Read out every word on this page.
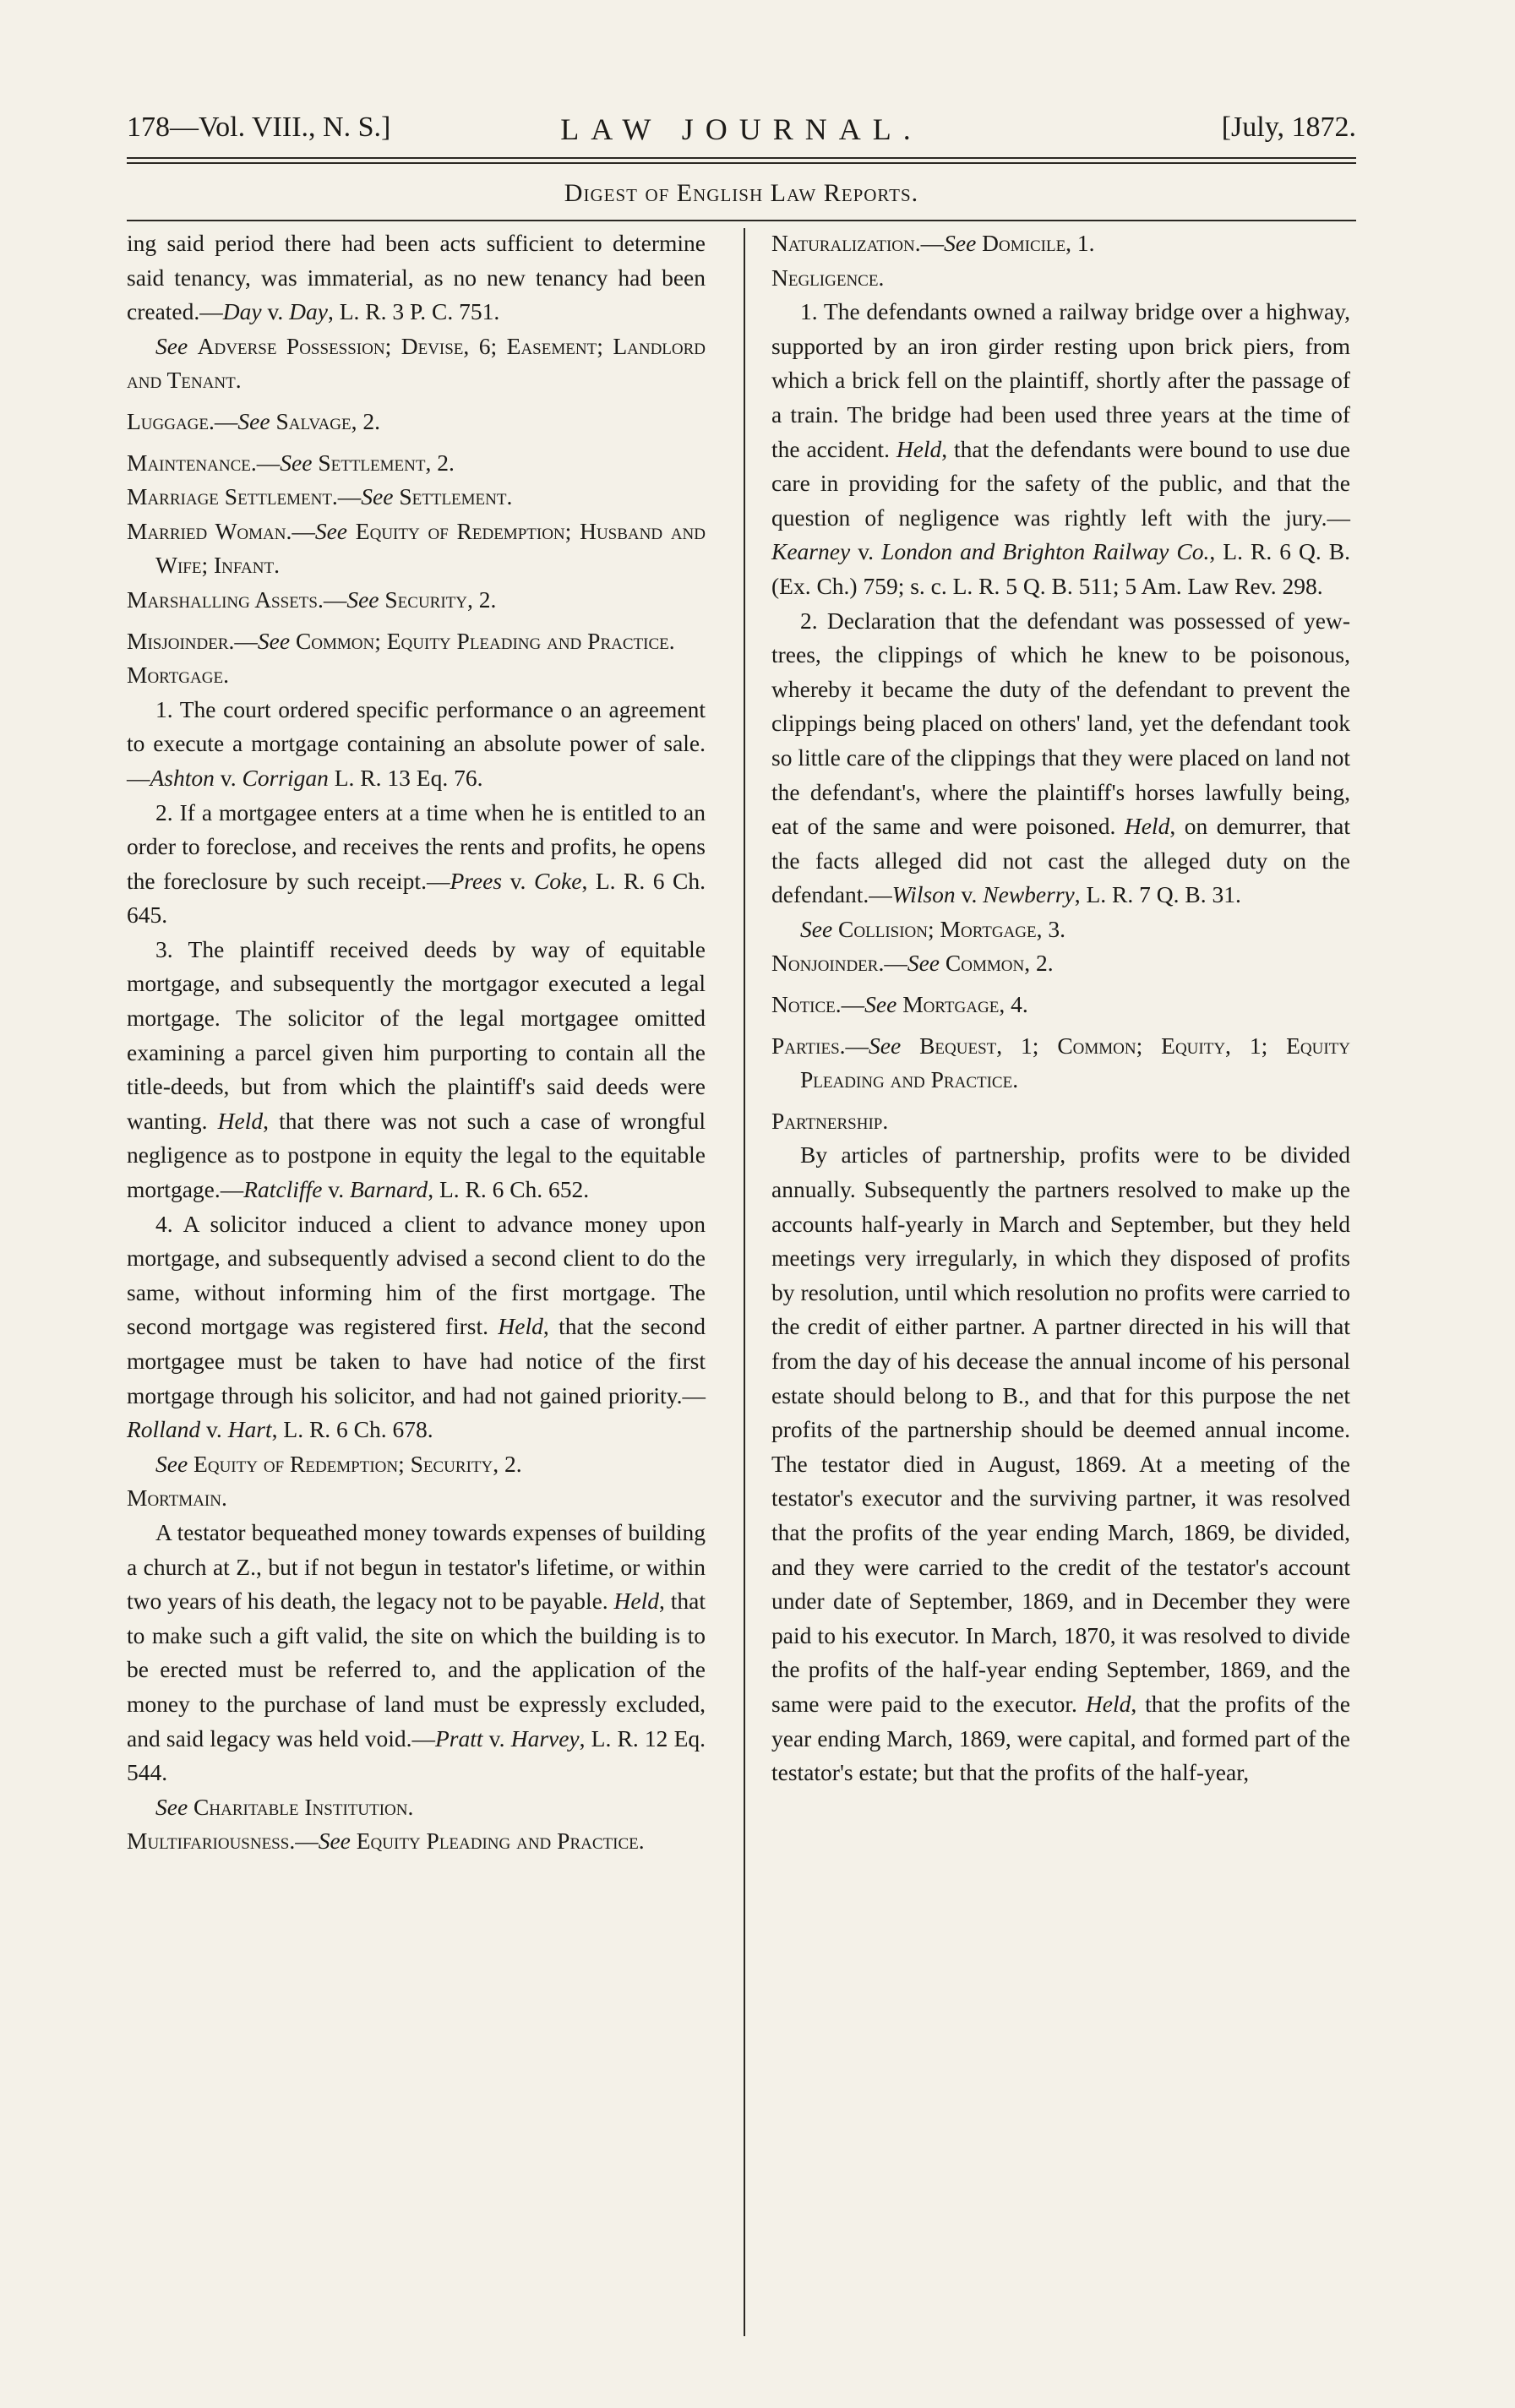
178—Vol. VIII., N. S.]	LAW JOURNAL.	[July, 1872.
Digest of English Law Reports.

ing said period there had been acts sufficient to determine said tenancy, was immaterial, as no new tenancy had been created.—Day v. Day, L. R. 3 P. C. 751.

See Adverse Possession; Devise, 6; Easement; Landlord and Tenant.

Luggage.—See Salvage, 2.

Maintenance.—See Settlement, 2.

Marriage Settlement.—See Settlement.

Married Woman.—See Equity of Redemption; Husband and Wife; Infant.

Marshalling Assets.—See Security, 2.

Misjoinder.—See Common; Equity Pleading and Practice.

Mortgage.

1. The court ordered specific performance o an agreement to execute a mortgage containing an absolute power of sale.—Ashton v. Corrigan L. R. 13 Eq. 76.

2. If a mortgagee enters at a time when he is entitled to an order to foreclose, and receives the rents and profits, he opens the foreclosure by such receipt.—Prees v. Coke, L. R. 6 Ch. 645.

3. The plaintiff received deeds by way of equitable mortgage, and subsequently the mortgagor executed a legal mortgage. The solicitor of the legal mortgagee omitted examining a parcel given him purporting to contain all the title-deeds, but from which the plaintiff's said deeds were wanting. Held, that there was not such a case of wrongful negligence as to postpone in equity the legal to the equitable mortgage.—Ratcliffe v. Barnard, L. R. 6 Ch. 652.

4. A solicitor induced a client to advance money upon mortgage, and subsequently advised a second client to do the same, without informing him of the first mortgage. The second mortgage was registered first. Held, that the second mortgagee must be taken to have had notice of the first mortgage through his solicitor, and had not gained priority.—Rolland v. Hart, L. R. 6 Ch. 678.

See Equity of Redemption; Security, 2.

Mortmain.

A testator bequeathed money towards expenses of building a church at Z., but if not begun in testator's lifetime, or within two years of his death, the legacy not to be payable. Held, that to make such a gift valid, the site on which the building is to be erected must be referred to, and the application of the money to the purchase of land must be expressly excluded, and said legacy was held void.—Pratt v. Harvey, L. R. 12 Eq. 544.

See Charitable Institution.

Multifariousness.—See Equity Pleading and Practice.

Naturalization.—See Domicile, 1.

Negligence.

1. The defendants owned a railway bridge over a highway, supported by an iron girder resting upon brick piers, from which a brick fell on the plaintiff, shortly after the passage of a train. The bridge had been used three years at the time of the accident. Held, that the defendants were bound to use due care in providing for the safety of the public, and that the question of negligence was rightly left with the jury.—Kearney v. London and Brighton Railway Co., L. R. 6 Q. B. (Ex. Ch.) 759; s. c. L. R. 5 Q. B. 511; 5 Am. Law Rev. 298.

2. Declaration that the defendant was possessed of yew-trees, the clippings of which he knew to be poisonous, whereby it became the duty of the defendant to prevent the clippings being placed on others' land, yet the defendant took so little care of the clippings that they were placed on land not the defendant's, where the plaintiff's horses lawfully being, eat of the same and were poisoned. Held, on demurrer, that the facts alleged did not cast the alleged duty on the defendant.—Wilson v. Newberry, L. R. 7 Q. B. 31.

See Collision; Mortgage, 3.

Nonjoinder.—See Common, 2.

Notice.—See Mortgage, 4.

Parties.—See Bequest, 1; Common; Equity, 1; Equity Pleading and Practice.

Partnership.

By articles of partnership, profits were to be divided annually. Subsequently the partners resolved to make up the accounts half-yearly in March and September, but they held meetings very irregularly, in which they disposed of profits by resolution, until which resolution no profits were carried to the credit of either partner. A partner directed in his will that from the day of his decease the annual income of his personal estate should belong to B., and that for this purpose the net profits of the partnership should be deemed annual income. The testator died in August, 1869. At a meeting of the testator's executor and the surviving partner, it was resolved that the profits of the year ending March, 1869, be divided, and they were carried to the credit of the testator's account under date of September, 1869, and in December they were paid to his executor. In March, 1870, it was resolved to divide the profits of the half-year ending September, 1869, and the same were paid to the executor. Held, that the profits of the year ending March, 1869, were capital, and formed part of the testator's estate; but that the profits of the half-year,
